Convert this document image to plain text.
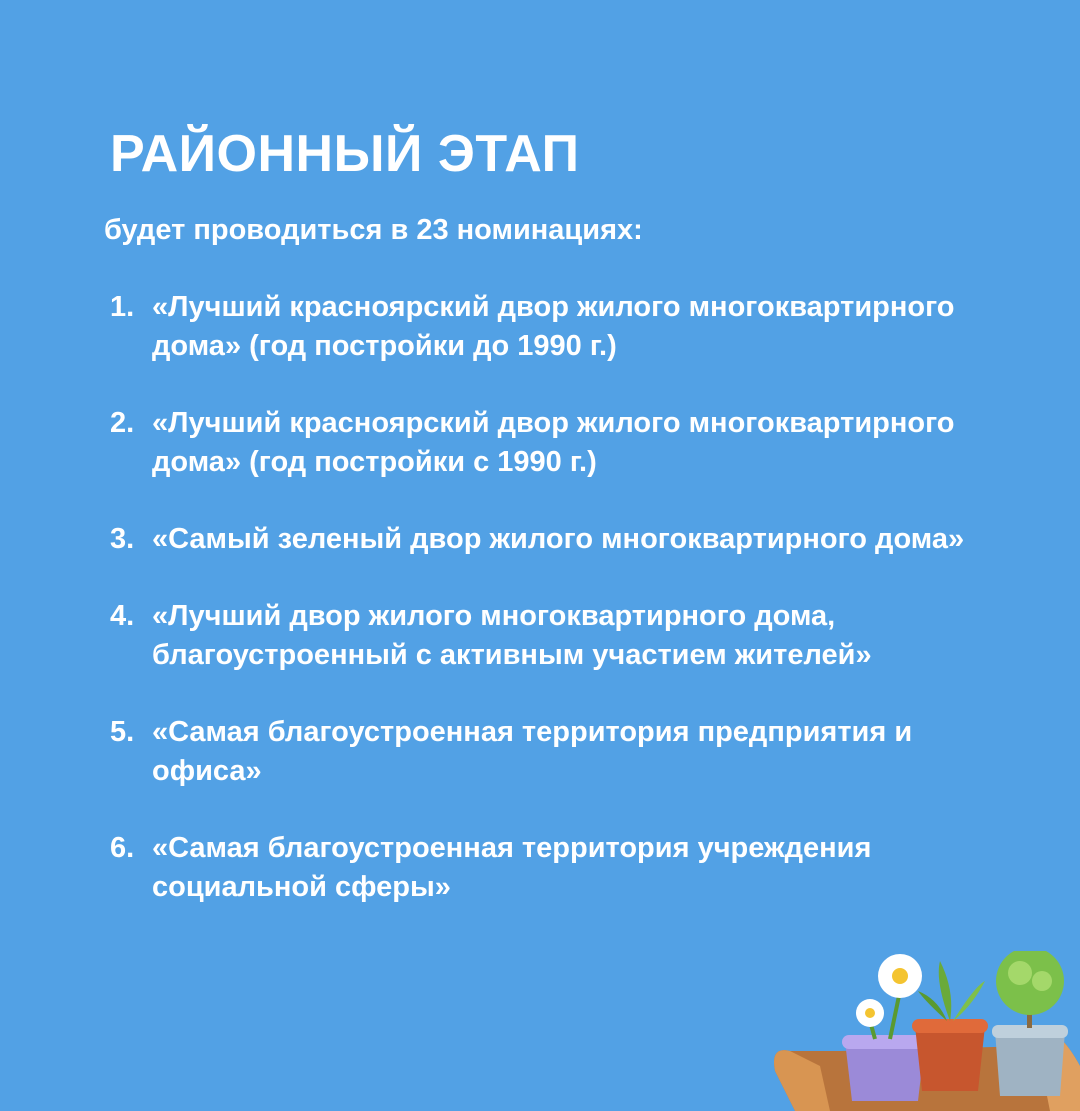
РАЙОННЫЙ ЭТАП

будет проводиться в 23 номинациях:

1. «Лучший красноярский двор жилого многоквартирного дома» (год постройки до 1990 г.)
2. «Лучший красноярский двор жилого многоквартирного дома» (год постройки с 1990 г.)
3. «Самый зеленый двор жилого многоквартирного дома»
4. «Лучший двор жилого многоквартирного дома, благоустроенный с активным участием жителей»
5. «Самая благоустроенная территория предприятия и офиса»
6. «Самая благоустроенная территория учреждения социальной сферы»
